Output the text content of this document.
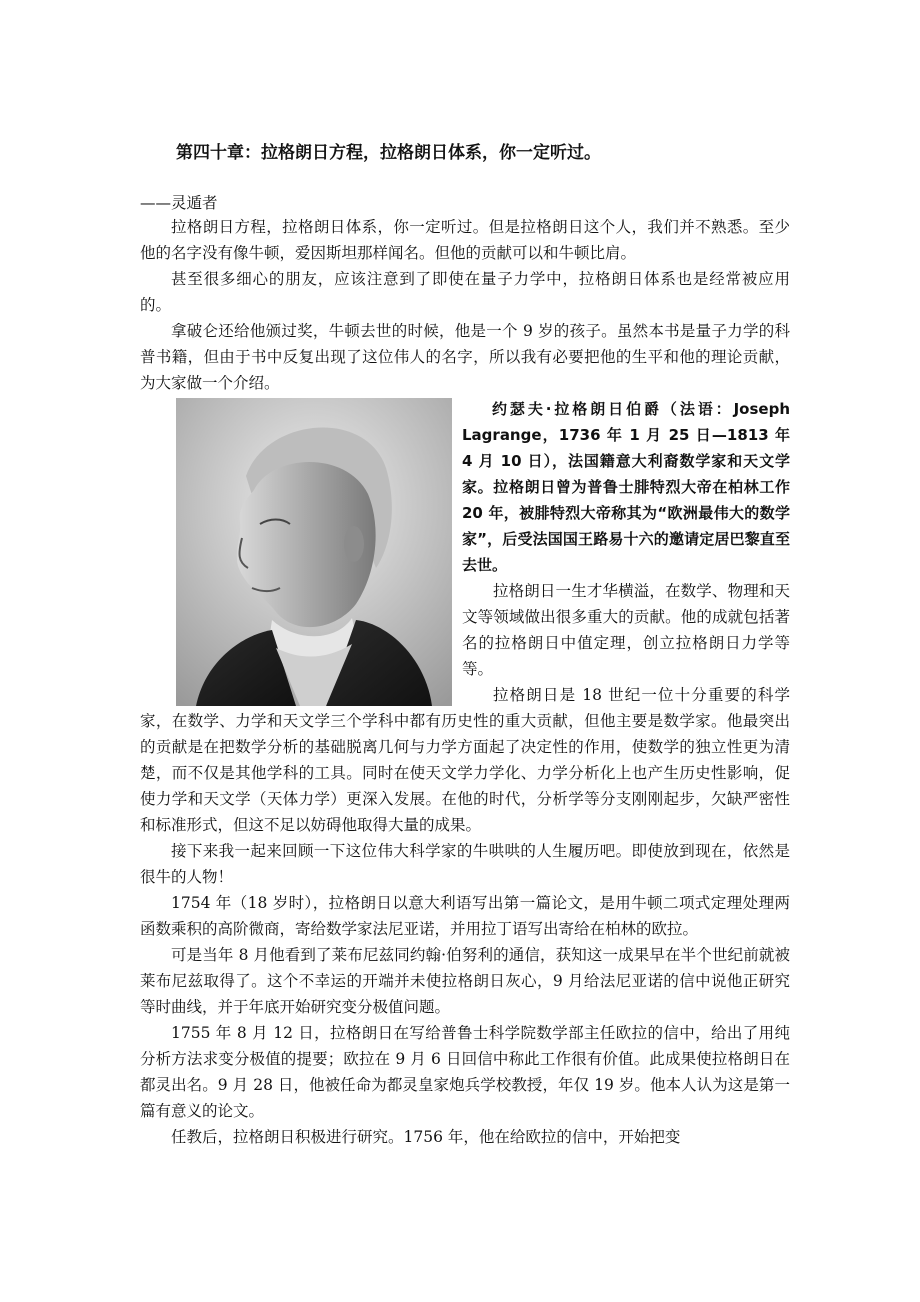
第四十章：拉格朗日方程，拉格朗日体系，你一定听过。
——灵遁者

拉格朗日方程，拉格朗日体系，你一定听过。但是拉格朗日这个人，我们并不熟悉。至少他的名字没有像牛顿，爱因斯坦那样闻名。但他的贡献可以和牛顿比肩。

甚至很多细心的朋友，应该注意到了即使在量子力学中，拉格朗日体系也是经常被应用的。

拿破仑还给他颁过奖，牛顿去世的时候，他是一个 9 岁的孩子。虽然本书是量子力学的科普书籍，但由于书中反复出现了这位伟人的名字，所以我有必要把他的生平和他的理论贡献，为大家做一个介绍。

约瑟夫·拉格朗日伯爵（法语：Joseph Lagrange，1736 年 1 月 25 日—1813 年 4 月 10 日），法国籍意大利裔数学家和天文学家。拉格朗日曾为普鲁士腓特烈大帝在柏林工作 20 年，被腓特烈大帝称其为“欧洲最伟大的数学家”，后受法国国王路易十六的邀请定居巴黎直至去世。

拉格朗日一生才华横溢，在数学、物理和天文等领域做出很多重大的贡献。他的成就包括著名的拉格朗日中值定理，创立拉格朗日力学等等。

拉格朗日是 18 世纪一位十分重要的科学家，在数学、力学和天文学三个学科中都有历史性的重大贡献，但他主要是数学家。他最突出的贡献是在把数学分析的基础脱离几何与力学方面起了决定性的作用，使数学的独立性更为清楚，而不仅是其他学科的工具。同时在使天文学力学化、力学分析化上也产生历史性影响，促使力学和天文学（天体力学）更深入发展。在他的时代，分析学等分支刚刚起步，欠缺严密性和标准形式，但这不足以妨碍他取得大量的成果。

接下来我一起来回顾一下这位伟大科学家的牛哄哄的人生履历吧。即使放到现在，依然是很牛的人物！

1754 年（18 岁时），拉格朗日以意大利语写出第一篇论文，是用牛顿二项式定理处理两函数乘积的高阶微商，寄给数学家法尼亚诺，并用拉丁语写出寄给在柏林的欧拉。

可是当年 8 月他看到了莱布尼兹同约翰·伯努利的通信，获知这一成果早在半个世纪前就被莱布尼兹取得了。这个不幸运的开端并未使拉格朗日灰心，9 月给法尼亚诺的信中说他正研究等时曲线，并于年底开始研究变分极值问题。

1755 年 8 月 12 日，拉格朗日在写给普鲁士科学院数学部主任欧拉的信中，给出了用纯分析方法求变分极值的提要；欧拉在 9 月 6 日回信中称此工作很有价值。此成果使拉格朗日在都灵出名。9 月 28 日，他被任命为都灵皇家炮兵学校教授，年仅 19 岁。他本人认为这是第一篇有意义的论文。

任教后，拉格朗日积极进行研究。1756 年，他在给欧拉的信中，开始把变
